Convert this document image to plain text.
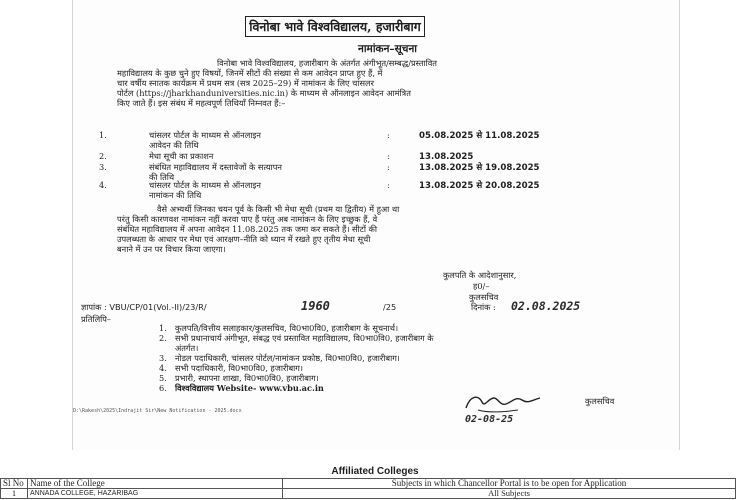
विनोबा भावे विश्वविद्यालय, हजारीबाग
नामांकन–सूचना
विनोबा भावे विश्वविद्यालय, हजारीबाग के अंतर्गत अंगीभूत/सम्बद्ध/प्रस्तावित
महाविद्यालय के कुछ चुने हुए विषयों, जिनमें सीटों की संख्या से कम आवेदन प्राप्त हुए हैं, में
चार वर्षीय स्नातक कार्यक्रम में प्रथम सत्र (सत्र 2025–29) में नामांकन के लिए चांसलर
पोर्टल (https://jharkhanduniversities.nic.in) के माध्यम से ऑनलाइन आवेदन आमंत्रित
किए जाते हैं। इस संबंध में महत्वपूर्ण तिथियाँ निम्नवत हैं:–
1.	चांसलर पोर्टल के माध्यम से ऑनलाइन
आवेदन की तिथि
:	05.08.2025 से 11.08.2025
2.	मेधा सूची का प्रकाशन	:	13.08.2025
3.	संबंधित महाविद्यालय में दस्तावेजों के सत्यापन
की तिथि
:	13.08.2025 से 19.08.2025
4.	चांसलर पोर्टल के माध्यम से ऑनलाइन
नामांकन की तिथि
:	13.08.2025 से 20.08.2025
वैसे अभ्यर्थी जिनका चयन पूर्व के किसी भी मेधा सूची (प्रथम या द्वितीय) में हुआ था
परंतु किसी कारणवश नामांकन नहीं करवा पाए हैं परंतु अब नामांकन के लिए इच्छुक हैं, वे
संबंधित महाविद्यालय में अपना आवेदन 11.08.2025 तक जमा कर सकते हैं। सीटों की
उपलब्धता के आधार पर मेधा एवं आरक्षण–नीति को ध्यान में रखते हुए तृतीय मेधा सूची
बनाने में उन पर विचार किया जाएगा।
कुलपति के आदेशानुसार,
ह0/–
कुलसचिव
ज्ञापांक : VBU/CP/01(Vol.-II)/23/R/	1960	/25	दिनांक : 02.08.2025
प्रतिलिपि–
1. कुलपति/वित्तीय सलाहकार/कुलसचिव, वि0भा0वि0, हजारीबाग के सूचनार्थ।
2. सभी प्रधानाचार्य अंगीभूत, संबद्ध एवं प्रस्तावित महाविद्यालय, वि0भा0वि0, हजारीबाग के
अंतर्गत।
3. नोडल पदाधिकारी, चांसलर पोर्टल/नामांकन प्रकोष्ठ, वि0भा0वि0, हजारीबाग।
4. सभी पदाधिकारी, वि0भा0वि0, हजारीबाग।
5. प्रभारी, स्थापना शाखा, वि0भा0वि0, हजारीबाग।
6. विश्वविद्यालय Website- www.vbu.ac.in
D:\Rakesh\2025\Indrajit Sir\New Notification - 2025.docx
02-08-25
कुलसचिव
Affiliated Colleges
Sl No	Name of the College	Subjects in which Chancellor Portal is to be open for Application
1	ANNADA COLLEGE, HAZARIBAG	All Subjects
